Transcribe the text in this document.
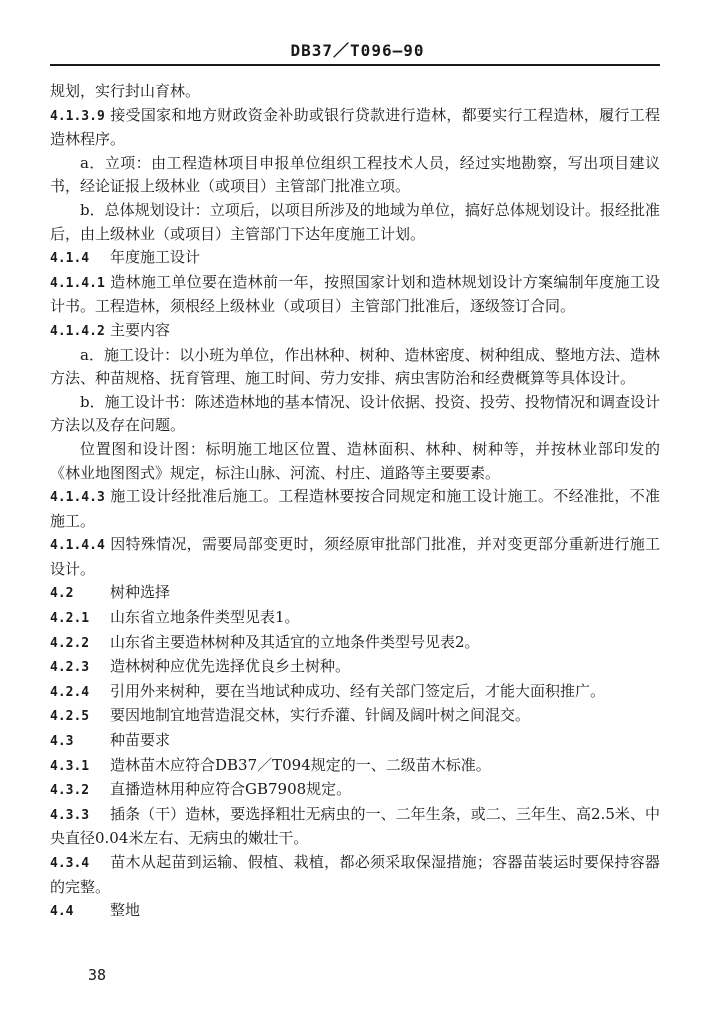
DB37／T096—90

规划，实行封山育林。

4.1.3.9 接受国家和地方财政资金补助或银行贷款进行造林，都要实行工程造林，履行工程造林程序。

a．立项：由工程造林项目申报单位组织工程技术人员，经过实地勘察，写出项目建议书，经论证报上级林业（或项目）主管部门批准立项。

b．总体规划设计：立项后，以项目所涉及的地域为单位，搞好总体规划设计。报经批准后，由上级林业（或项目）主管部门下达年度施工计划。

4.1.4 年度施工设计

4.1.4.1 造林施工单位要在造林前一年，按照国家计划和造林规划设计方案编制年度施工设计书。工程造林，须根经上级林业（或项目）主管部门批准后，逐级签订合同。

4.1.4.2 主要内容

a．施工设计：以小班为单位，作出林种、树种、造林密度、树种组成、整地方法、造林方法、种苗规格、抚育管理、施工时间、劳力安排、病虫害防治和经费概算等具体设计。

b．施工设计书：陈述造林地的基本情况、设计依据、投资、投劳、投物情况和调查设计方法以及存在问题。

位置图和设计图：标明施工地区位置、造林面积、林种、树种等，并按林业部印发的《林业地图图式》规定，标注山脉、河流、村庄、道路等主要要素。

4.1.4.3 施工设计经批准后施工。工程造林要按合同规定和施工设计施工。不经准批，不准施工。

4.1.4.4 因特殊情况，需要局部变更时，须经原审批部门批准，并对变更部分重新进行施工设计。

4.2 树种选择

4.2.1 山东省立地条件类型见表1。

4.2.2 山东省主要造林树种及其适宜的立地条件类型号见表2。

4.2.3 造林树种应优先选择优良乡土树种。

4.2.4 引用外来树种，要在当地试种成功、经有关部门签定后，才能大面积推广。

4.2.5 要因地制宜地营造混交林，实行乔灌、针阔及阔叶树之间混交。

4.3 种苗要求

4.3.1 造林苗木应符合DB37／T094规定的一、二级苗木标准。

4.3.2 直播造林用种应符合GB7908规定。

4.3.3 插条（干）造林，要选择粗壮无病虫的一、二年生条，或二、三年生、高2.5米、中央直径0.04米左右、无病虫的嫩壮干。

4.3.4 苗木从起苗到运输、假植、栽植，都必须采取保湿措施；容器苗装运时要保持容器的完整。

4.4 整地

38
